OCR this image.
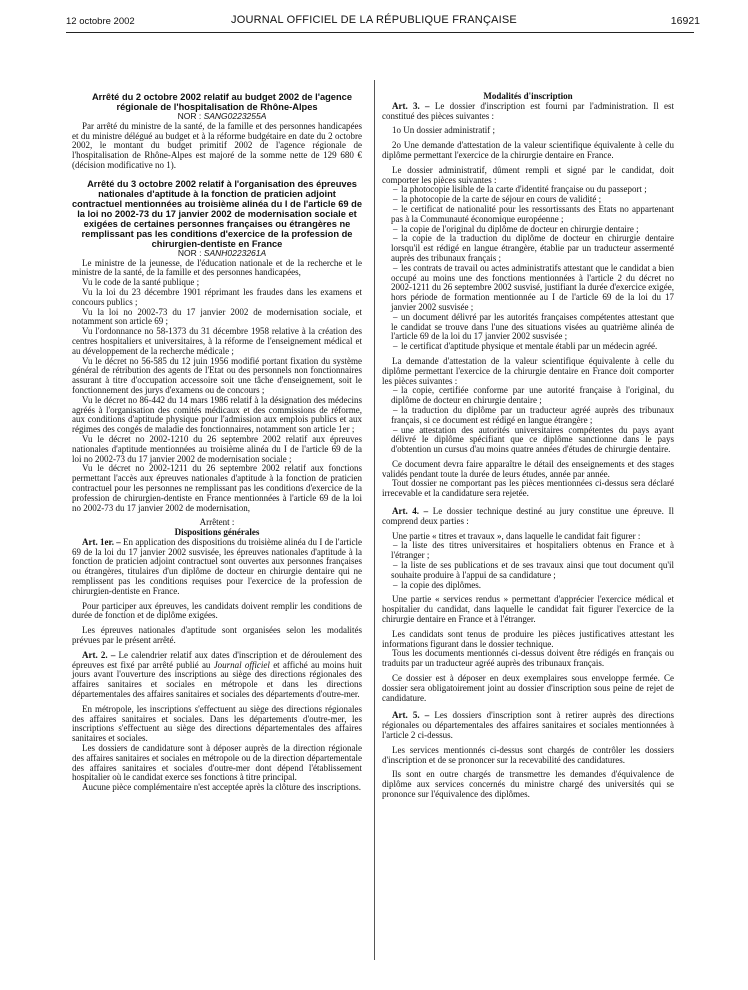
12 octobre 2002	JOURNAL OFFICIEL DE LA RÉPUBLIQUE FRANÇAISE	16921

Arrêté du 2 octobre 2002 relatif au budget 2002 de l'agence régionale de l'hospitalisation de Rhône-Alpes

NOR : SANG0223255A

Par arrêté du ministre de la santé, de la famille et des personnes handicapées et du ministre délégué au budget et à la réforme budgétaire en date du 2 octobre 2002, le montant du budget primitif 2002 de l'agence régionale de l'hospitalisation de Rhône-Alpes est majoré de la somme nette de 129 680 € (décision modificative no 1).

Arrêté du 3 octobre 2002 relatif à l'organisation des épreuves nationales d'aptitude à la fonction de praticien adjoint contractuel mentionnées au troisième alinéa du I de l'article 69 de la loi no 2002-73 du 17 janvier 2002 de modernisation sociale et exigées de certaines personnes françaises ou étrangères ne remplissant pas les conditions d'exercice de la profession de chirurgien-dentiste en France

NOR : SANH0223261A

Le ministre de la jeunesse, de l'éducation nationale et de la recherche et le ministre de la santé, de la famille et des personnes handicapées,

Vu le code de la santé publique ;

Vu la loi du 23 décembre 1901 réprimant les fraudes dans les examens et concours publics ;

Vu la loi no 2002-73 du 17 janvier 2002 de modernisation sociale, et notamment son article 69 ;

Vu l'ordonnance no 58-1373 du 31 décembre 1958 relative à la création des centres hospitaliers et universitaires, à la réforme de l'enseignement médical et au développement de la recherche médicale ;

Vu le décret no 56-585 du 12 juin 1956 modifié portant fixation du système général de rétribution des agents de l'Etat ou des personnels non fonctionnaires assurant à titre d'occupation accessoire soit une tâche d'enseignement, soit le fonctionnement des jurys d'examens ou de concours ;

Vu le décret no 86-442 du 14 mars 1986 relatif à la désignation des médecins agréés à l'organisation des comités médicaux et des commissions de réforme, aux conditions d'aptitude physique pour l'admission aux emplois publics et aux régimes des congés de maladie des fonctionnaires, notamment son article 1er ;

Vu le décret no 2002-1210 du 26 septembre 2002 relatif aux épreuves nationales d'aptitude mentionnées au troisième alinéa du I de l'article 69 de la loi no 2002-73 du 17 janvier 2002 de modernisation sociale ;

Vu le décret no 2002-1211 du 26 septembre 2002 relatif aux fonctions permettant l'accès aux épreuves nationales d'aptitude à la fonction de praticien contractuel pour les personnes ne remplissant pas les conditions d'exercice de la profession de chirurgien-dentiste en France mentionnées à l'article 69 de la loi no 2002-73 du 17 janvier 2002 de modernisation,

Arrêtent :

Dispositions générales

Art. 1er. – En application des dispositions du troisième alinéa du I de l'article 69 de la loi du 17 janvier 2002 susvisée, les épreuves nationales d'aptitude à la fonction de praticien adjoint contractuel sont ouvertes aux personnes françaises ou étrangères, titulaires d'un diplôme de docteur en chirurgie dentaire qui ne remplissent pas les conditions requises pour l'exercice de la profession de chirurgien-dentiste en France.

Pour participer aux épreuves, les candidats doivent remplir les conditions de durée de fonction et de diplôme exigées.

Les épreuves nationales d'aptitude sont organisées selon les modalités prévues par le présent arrêté.

Art. 2. – Le calendrier relatif aux dates d'inscription et de déroulement des épreuves est fixé par arrêté publié au Journal officiel et affiché au moins huit jours avant l'ouverture des inscriptions au siège des directions régionales des affaires sanitaires et sociales en métropole et dans les directions départementales des affaires sanitaires et sociales des départements d'outre-mer.

En métropole, les inscriptions s'effectuent au siège des directions régionales des affaires sanitaires et sociales. Dans les départements d'outre-mer, les inscriptions s'effectuent au siège des directions départementales des affaires sanitaires et sociales.

Les dossiers de candidature sont à déposer auprès de la direction régionale des affaires sanitaires et sociales en métropole ou de la direction départementale des affaires sanitaires et sociales d'outre-mer dont dépend l'établissement hospitalier où le candidat exerce ses fonctions à titre principal.

Aucune pièce complémentaire n'est acceptée après la clôture des inscriptions.

Modalités d'inscription

Art. 3. – Le dossier d'inscription est fourni par l'administration. Il est constitué des pièces suivantes :

1o Un dossier administratif ;

2o Une demande d'attestation de la valeur scientifique équivalente à celle du diplôme permettant l'exercice de la chirurgie dentaire en France.

Le dossier administratif, dûment rempli et signé par le candidat, doit comporter les pièces suivantes :

– la photocopie lisible de la carte d'identité française ou du passeport ;

– la photocopie de la carte de séjour en cours de validité ;

– le certificat de nationalité pour les ressortissants des Etats no appartenant pas à la Communauté économique européenne ;

– la copie de l'original du diplôme de docteur en chirurgie dentaire ;

– la copie de la traduction du diplôme de docteur en chirurgie dentaire lorsqu'il est rédigé en langue étrangère, établie par un traducteur assermenté auprès des tribunaux français ;

– les contrats de travail ou actes administratifs attestant que le candidat a bien occupé au moins une des fonctions mentionnées à l'article 2 du décret no 2002-1211 du 26 septembre 2002 susvisé, justifiant la durée d'exercice exigée, hors période de formation mentionnée au I de l'article 69 de la loi du 17 janvier 2002 susvisée ;

– un document délivré par les autorités françaises compétentes attestant que le candidat se trouve dans l'une des situations visées au quatrième alinéa de l'article 69 de la loi du 17 janvier 2002 susvisée ;

– le certificat d'aptitude physique et mentale établi par un médecin agréé.

La demande d'attestation de la valeur scientifique équivalente à celle du diplôme permettant l'exercice de la chirurgie dentaire en France doit comporter les pièces suivantes :

– la copie, certifiée conforme par une autorité française à l'original, du diplôme de docteur en chirurgie dentaire ;

– la traduction du diplôme par un traducteur agréé auprès des tribunaux français, si ce document est rédigé en langue étrangère ;

– une attestation des autorités universitaires compétentes du pays ayant délivré le diplôme spécifiant que ce diplôme sanctionne dans le pays d'obtention un cursus d'au moins quatre années d'études de chirurgie dentaire.

Ce document devra faire apparaître le détail des enseignements et des stages validés pendant toute la durée de leurs études, année par année.

Tout dossier ne comportant pas les pièces mentionnées ci-dessus sera déclaré irrecevable et la candidature sera rejetée.

Art. 4. – Le dossier technique destiné au jury constitue une épreuve. Il comprend deux parties :

Une partie « titres et travaux », dans laquelle le candidat fait figurer :

– la liste des titres universitaires et hospitaliers obtenus en France et à l'étranger ;

– la liste de ses publications et de ses travaux ainsi que tout document qu'il souhaite produire à l'appui de sa candidature ;

– la copie des diplômes.

Une partie « services rendus » permettant d'apprécier l'exercice médical et hospitalier du candidat, dans laquelle le candidat fait figurer l'exercice de la chirurgie dentaire en France et à l'étranger.

Les candidats sont tenus de produire les pièces justificatives attestant les informations figurant dans le dossier technique.

Tous les documents mentionnés ci-dessus doivent être rédigés en français ou traduits par un traducteur agréé auprès des tribunaux français.

Ce dossier est à déposer en deux exemplaires sous enveloppe fermée. Ce dossier sera obligatoirement joint au dossier d'inscription sous peine de rejet de candidature.

Art. 5. – Les dossiers d'inscription sont à retirer auprès des directions régionales ou départementales des affaires sanitaires et sociales mentionnées à l'article 2 ci-dessus.

Les services mentionnés ci-dessus sont chargés de contrôler les dossiers d'inscription et de se prononcer sur la recevabilité des candidatures.

Ils sont en outre chargés de transmettre les demandes d'équivalence de diplôme aux services concernés du ministre chargé des universités qui se prononce sur l'équivalence des diplômes.
